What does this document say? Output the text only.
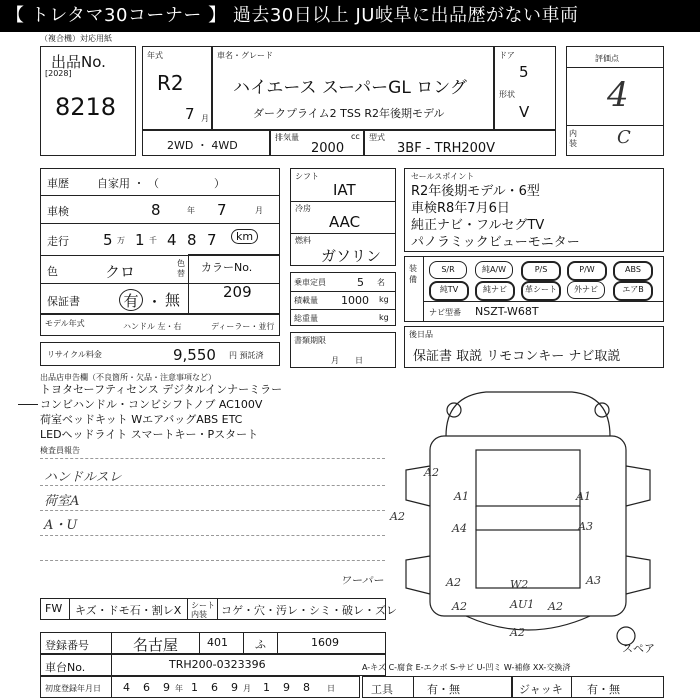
【 トレタマ30コーナー 】 過去30日以上 JU岐阜に出品歴がない車両
（複合機）対応用紙
出品No.
[2028]
8218
年式
R2
7 月
車名・グレード
ハイエース スーパーGL ロング
ダークプライム2 TSS R2年後期モデル
ドア
5
形状
V
評価点
4
内装 C
2WD ・ 4WD
排気量	cc
2000
型式
3BF - TRH200V
車歴	自家用 ・ （　　　　　）
車検	8	年 7	月
走行 5 万 1 千 4 8 7	km
色	クロ	色替
保証書	有 ・ 無
カラーNo.
209
モデル年式	ハンドル 左・右	ディーラー・並行
リサイクル料金	9,550 円 預託済
シフト
IAT
冷房
AAC
燃料
ガソリン
乗車定員	5 名
積載量 1000 kg
総重量	kg
書類期限
月　　日
セールスポイント
R2年後期モデル・6型
車検R8年7月6日
純正ナビ・フルセグTV
パノラミックビューモニター
装備
S/R	純A/W	P/S	P/W	ABS
純TV	純ナビ	革シート	外ナビ	エアB
ナビ型番 NSZT-W68T
後日品
保証書 取説 リモコンキー ナビ取説
出品店申告欄（不良箇所・欠品・注意事項など）
トヨタセーフティセンス デジタルインナーミラー
コンビハンドル・コンビシフトノブ AC100V
荷室ベッドキット WエアバッグABS ETC
LEDヘッドライト スマートキー・Pスタート
検査員報告
ハンドルスレ
荷室A
A・U
A1	A1
A4	A3
A2
A2	A3
W2
AU1
A2
A2	A2
A2
ワーパー
スペア
FW キズ・ドモ石・割レX シート内装	コゲ・穴・汚レ・シミ・破レ・ズレ
登録番号	名古屋	401 ふ	1609
車台No.	TRH200-0323396	A-キズ C-腐食 E-エクボ S-サビ U-凹ミ W-補修 XX-交換済
初度登録年月日 4 6 9 年 1 6 9 月 1 9 8 日	工具	有・無	ジャッキ 有・無
